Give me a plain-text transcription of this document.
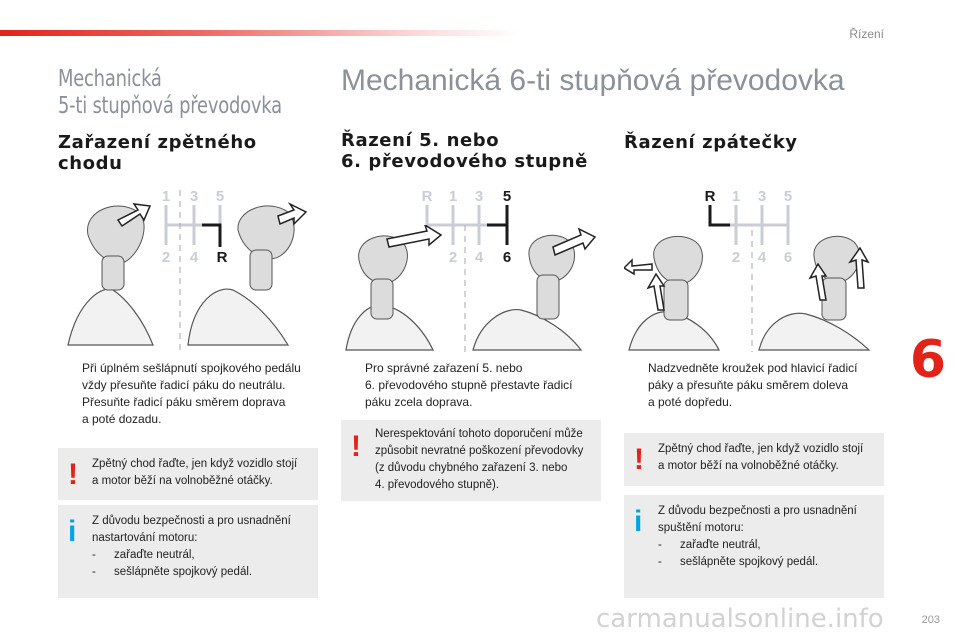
Řízení
203
6
Mechanická
5-ti stupňová převodovka
Mechanická 6-ti stupňová převodovka
Zařazení zpětného
chodu
1 3 5
2 4 R
Při úplném sešlápnutí spojkového pedálu
vždy přesuňte řadicí páku do neutrálu.
Přesuňte řadicí páku směrem doprava
a poté dozadu.
! Zpětný chod řaďte, jen když vozidlo stojí
a motor běží na volnoběžné otáčky.
i Z důvodu bezpečnosti a pro usnadnění
nastartování motoru:
- zařaďte neutrál,
- sešlápněte spojkový pedál.
Řazení 5. nebo
6. převodového stupně
R 1 3
2 4
5
6
Pro správné zařazení 5. nebo
6. převodového stupně přestavte řadicí
páku zcela doprava.
! Nerespektování tohoto doporučení může
způsobit nevratné poškození převodovky
(z důvodu chybného zařazení 3. nebo
4. převodového stupně).
Řazení zpátečky
R 1 3 5
2 4 6
Nadzvedněte kroužek pod hlavicí řadicí
páky a přesuňte páku směrem doleva
a poté dopředu.
! Zpětný chod řaďte, jen když vozidlo stojí
a motor běží na volnoběžné otáčky.
i Z důvodu bezpečnosti a pro usnadnění
spuštění motoru:
- zařaďte neutrál,
- sešlápněte spojkový pedál.
carmanualsonline.info
